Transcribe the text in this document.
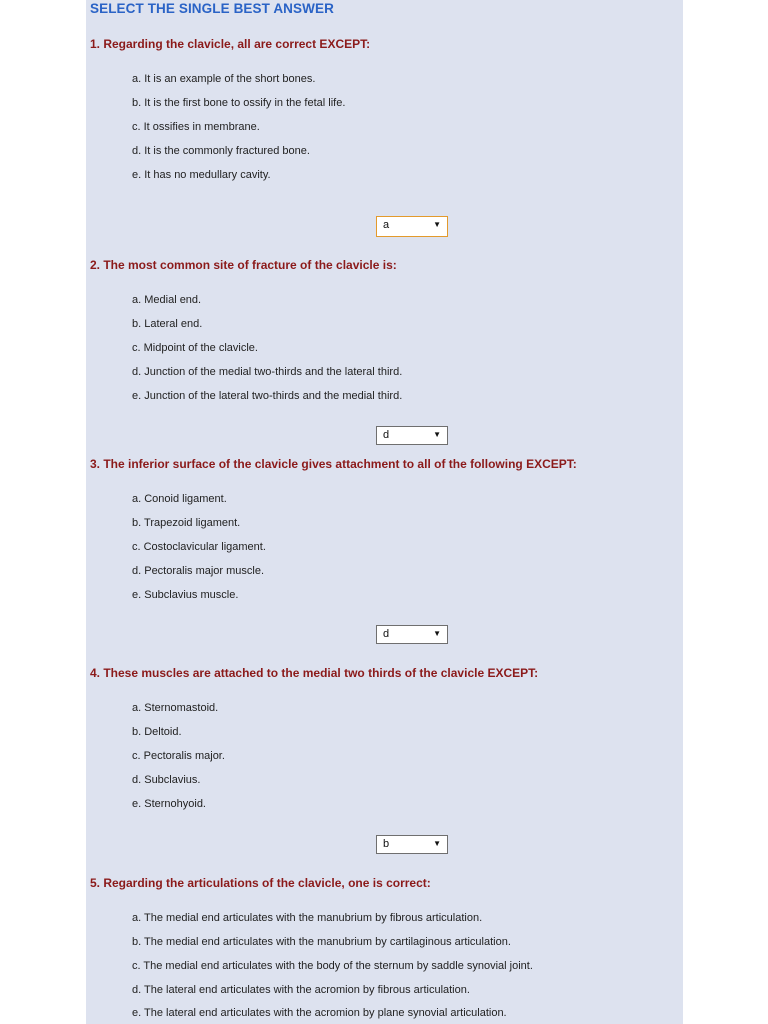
SELECT THE SINGLE BEST ANSWER
1. Regarding the clavicle, all are correct EXCEPT:
a. It is an example of the short bones.
b. It is the first bone to ossify in the fetal life.
c. It ossifies in membrane.
d. It is the commonly fractured bone.
e. It has no medullary cavity.
a	▼
2. The most common site of fracture of the clavicle is:
a. Medial end.
b. Lateral end.
c. Midpoint of the clavicle.
d. Junction of the medial two-thirds and the lateral third.
e. Junction of the lateral two-thirds and the medial third.
d	▼
3. The inferior surface of the clavicle gives attachment to all of the following EXCEPT:
a. Conoid ligament.
b. Trapezoid ligament.
c. Costoclavicular ligament.
d. Pectoralis major muscle.
e. Subclavius muscle.
d	▼
4. These muscles are attached to the medial two thirds of the clavicle EXCEPT:
a. Sternomastoid.
b. Deltoid.
c. Pectoralis major.
d. Subclavius.
e. Sternohyoid.
b	▼
5. Regarding the articulations of the clavicle, one is correct:
a. The medial end articulates with the manubrium by fibrous articulation.
b. The medial end articulates with the manubrium by cartilaginous articulation.
c. The medial end articulates with the body of the sternum by saddle synovial joint.
d. The lateral end articulates with the acromion by fibrous articulation.
e. The lateral end articulates with the acromion by plane synovial articulation.
